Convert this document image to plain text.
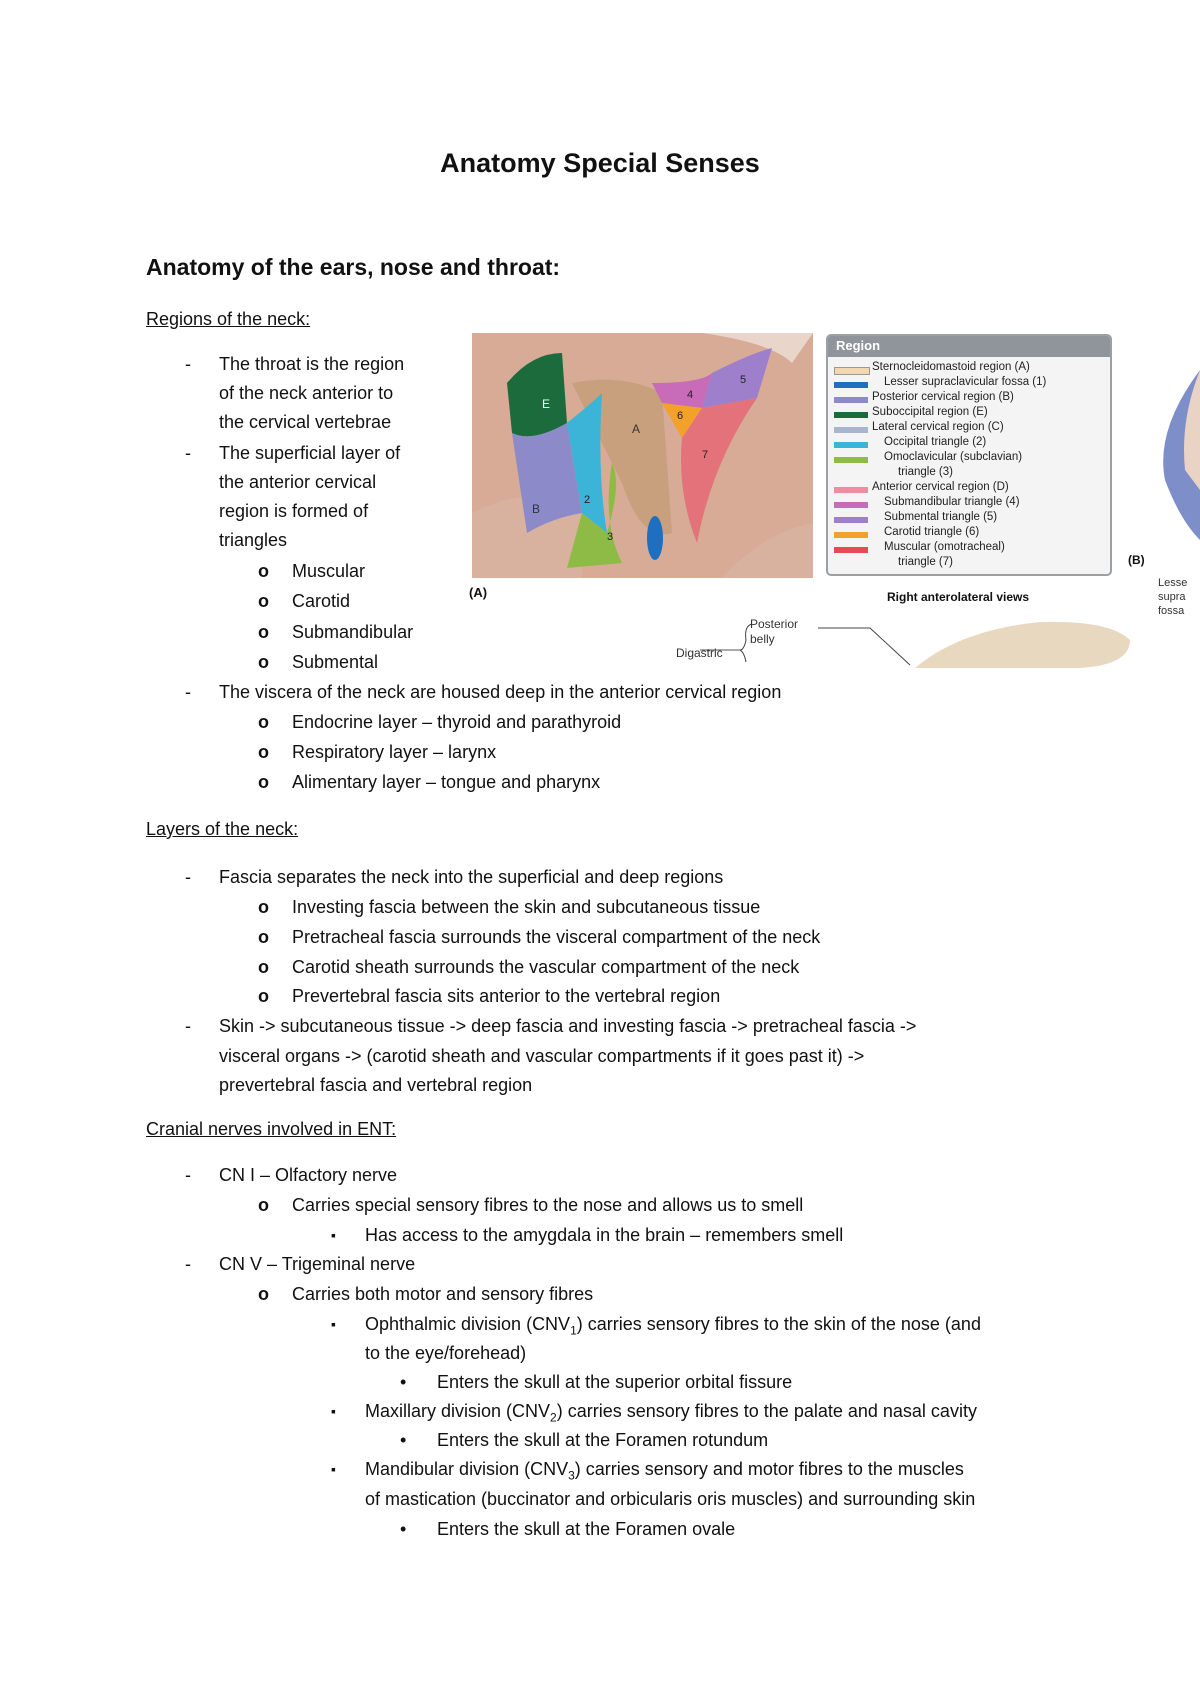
Anatomy Special Senses
Anatomy of the ears, nose and throat:
Regions of the neck:
- The throat is the region
of the neck anterior to
the cervical vertebrae
- The superficial layer of
the anterior cervical
region is formed of
triangles
o Muscular
o Carotid
o Submandibular
o Submental
- The viscera of the neck are housed deep in the anterior cervical region
o Endocrine layer – thyroid and parathyroid
o Respiratory layer – larynx
o Alimentary layer – tongue and pharynx
E
B
A
2
3
4
5
6
7
(A)
Region
Sternocleidomastoid region (A)
Lesser supraclavicular fossa (1)
Posterior cervical region (B)
Suboccipital region (E)
Lateral cervical region (C)
Occipital triangle (2)
Omoclavicular (subclavian)
triangle (3)
Anterior cervical region (D)
Submandibular triangle (4)
Submental triangle (5)
Carotid triangle (6)
Muscular (omotracheal)
triangle (7)	(B)
Right anterolateral views
Lesse
supra
fossa
Digastric
Posterior
belly
Layers of the neck:
- Fascia separates the neck into the superficial and deep regions
o Investing fascia between the skin and subcutaneous tissue
o Pretracheal fascia surrounds the visceral compartment of the neck
o Carotid sheath surrounds the vascular compartment of the neck
o Prevertebral fascia sits anterior to the vertebral region
- Skin -> subcutaneous tissue -> deep fascia and investing fascia -> pretracheal fascia ->
visceral organs -> (carotid sheath and vascular compartments if it goes past it) ->
prevertebral fascia and vertebral region
Cranial nerves involved in ENT:
- CN I – Olfactory nerve
o Carries special sensory fibres to the nose and allows us to smell
▪ Has access to the amygdala in the brain – remembers smell
- CN V – Trigeminal nerve
o Carries both motor and sensory fibres
▪ Ophthalmic division $(CNV_1)$ carries sensory fibres to the skin of the nose (and
to the eye/forehead)
• Enters the skull at the superior orbital fissure
▪ Maxillary division $(CNV_2)$ carries sensory fibres to the palate and nasal cavity
• Enters the skull at the Foramen rotundum
▪ Mandibular division $(CNV_3)$ carries sensory and motor fibres to the muscles
of mastication (buccinator and orbicularis oris muscles) and surrounding skin
• Enters the skull at the Foramen ovale
